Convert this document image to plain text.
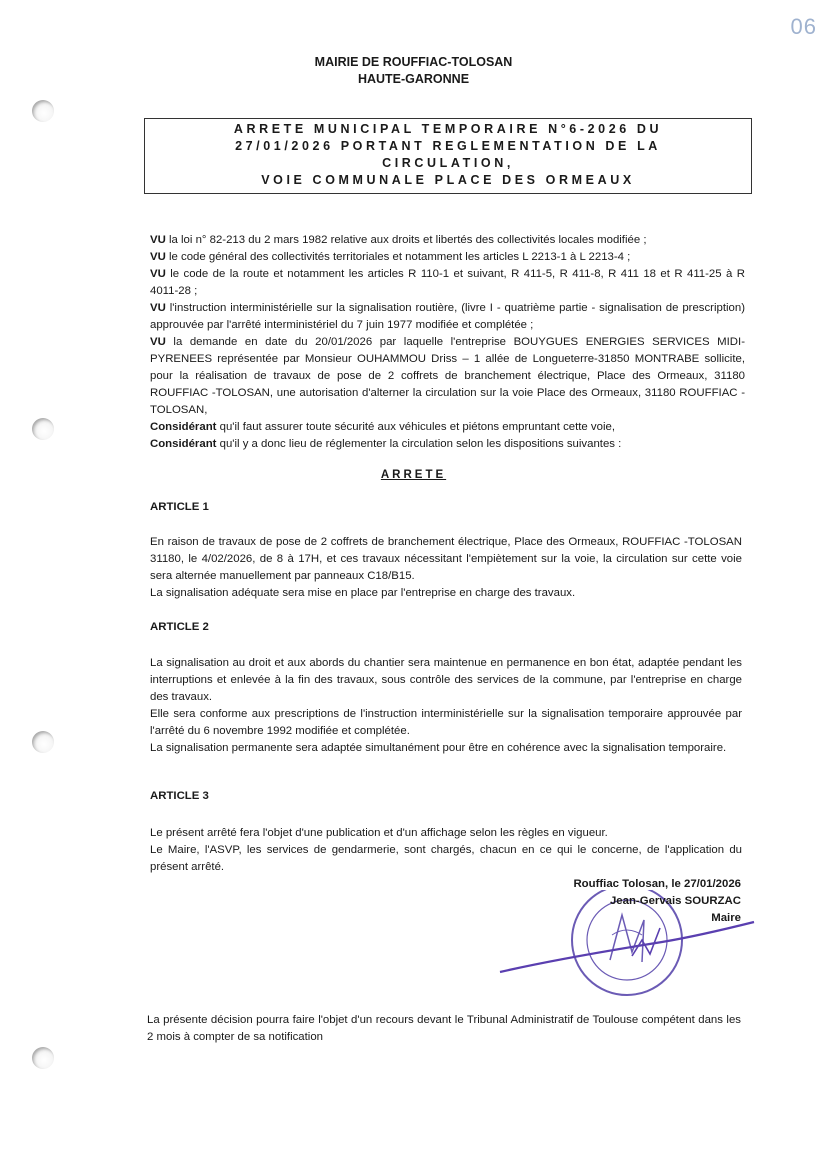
06
MAIRIE DE ROUFFIAC-TOLOSAN
HAUTE-GARONNE
ARRETE MUNICIPAL TEMPORAIRE N°6-2026 DU
27/01/2026 PORTANT REGLEMENTATION DE LA
CIRCULATION,
VOIE COMMUNALE PLACE DES ORMEAUX

VU la loi n° 82-213 du 2 mars 1982 relative aux droits et libertés des collectivités locales modifiée ;

VU le code général des collectivités territoriales et notamment les articles L 2213-1 à L 2213-4 ;

VU le code de la route et notamment les articles R 110-1 et suivant, R 411-5, R 411-8, R 411 18 et R 411-25 à R 4011-28 ;

VU l'instruction interministérielle sur la signalisation routière, (livre I - quatrième partie - signalisation de prescription) approuvée par l'arrêté interministériel du 7 juin 1977 modifiée et complétée ;

VU la demande en date du 20/01/2026 par laquelle l'entreprise BOUYGUES ENERGIES SERVICES MIDI-PYRENEES représentée par Monsieur OUHAMMOU Driss – 1 allée de Longueterre-31850 MONTRABE sollicite, pour la réalisation de travaux de pose de 2 coffrets de branchement électrique, Place des Ormeaux, 31180 ROUFFIAC -TOLOSAN, une autorisation d'alterner la circulation sur la voie Place des Ormeaux, 31180 ROUFFIAC -TOLOSAN,

Considérant qu'il faut assurer toute sécurité aux véhicules et piétons empruntant cette voie,

Considérant qu'il y a donc lieu de réglementer la circulation selon les dispositions suivantes :

ARRETE
ARTICLE 1

En raison de travaux de pose de 2 coffrets de branchement électrique, Place des Ormeaux, ROUFFIAC -TOLOSAN 31180, le 4/02/2026, de 8 à 17H, et ces travaux nécessitant l'empiètement sur la voie, la circulation sur cette voie sera alternée manuellement par panneaux C18/B15.

La signalisation adéquate sera mise en place par l'entreprise en charge des travaux.

ARTICLE 2

La signalisation au droit et aux abords du chantier sera maintenue en permanence en bon état, adaptée pendant les interruptions et enlevée à la fin des travaux, sous contrôle des services de la commune, par l'entreprise en charge des travaux.

Elle sera conforme aux prescriptions de l'instruction interministérielle sur la signalisation temporaire approuvée par l'arrêté du 6 novembre 1992 modifiée et complétée.

La signalisation permanente sera adaptée simultanément pour être en cohérence avec la signalisation temporaire.

ARTICLE 3

Le présent arrêté fera l'objet d'une publication et d'un affichage selon les règles en vigueur.

Le Maire, l'ASVP, les services de gendarmerie, sont chargés, chacun en ce qui le concerne, de l'application du présent arrêté.

Rouffiac Tolosan, le 27/01/2026
Jean-Gervais SOURZAC
Maire
La présente décision pourra faire l'objet d'un recours devant le Tribunal Administratif de Toulouse compétent dans les 2 mois à compter de sa notification
